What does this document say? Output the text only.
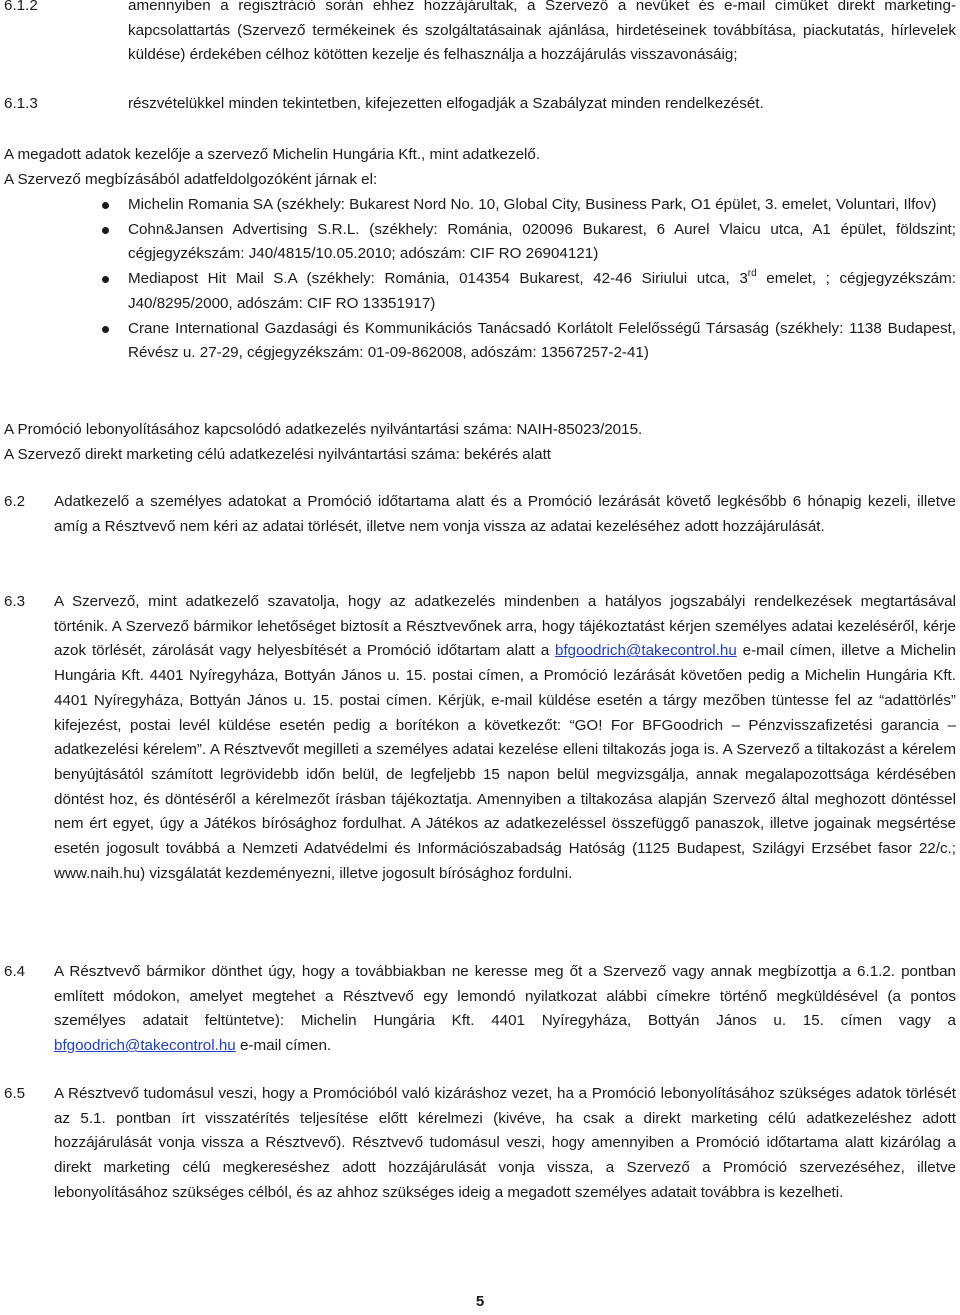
6.1.2	amennyiben a regisztráció során ehhez hozzájárultak, a Szervező a nevüket és e-mail címüket direkt marketing-kapcsolattartás (Szervező termékeinek és szolgáltatásainak ajánlása, hirdetéseinek továbbítása, piackutatás, hírlevelek küldése) érdekében célhoz kötötten kezelje és felhasználja a hozzájárulás visszavonásáig;
6.1.3	részvételükkel minden tekintetben, kifejezetten elfogadják a Szabályzat minden rendelkezését.
A megadott adatok kezelője a szervező Michelin Hungária Kft., mint adatkezelő.
A Szervező megbízásából adatfeldolgozóként járnak el:
Michelin Romania SA (székhely: Bukarest Nord No. 10, Global City, Business Park, O1 épület, 3. emelet, Voluntari, Ilfov)
Cohn&Jansen Advertising S.R.L. (székhely: Románia, 020096 Bukarest, 6 Aurel Vlaicu utca, A1 épület, földszint; cégjegyzékszám: J40/4815/10.05.2010; adószám: CIF RO 26904121)
Mediapost Hit Mail S.A (székhely: Románia, 014354 Bukarest, 42-46 Siriului utca, 3rd emelet, ; cégjegyzékszám: J40/8295/2000, adószám: CIF RO 13351917)
Crane International Gazdasági és Kommunikációs Tanácsadó Korlátolt Felelősségű Társaság (székhely: 1138 Budapest, Révész u. 27-29, cégjegyzékszám: 01-09-862008, adószám: 13567257-2-41)
A Promóció lebonyolításához kapcsolódó adatkezelés nyilvántartási száma: NAIH-85023/2015.
A Szervező direkt marketing célú adatkezelési nyilvántartási száma: bekérés alatt
6.2	Adatkezelő a személyes adatokat a Promóció időtartama alatt és a Promóció lezárását követő legkésőbb 6 hónapig kezeli, illetve amíg a Résztvevő nem kéri az adatai törlését, illetve nem vonja vissza az adatai kezeléséhez adott hozzájárulását.
6.3	A Szervező, mint adatkezelő szavatolja, hogy az adatkezelés mindenben a hatályos jogszabályi rendelkezések megtartásával történik. A Szervező bármikor lehetőséget biztosít a Résztvevőnek arra, hogy tájékoztatást kérjen személyes adatai kezeléséről, kérje azok törlését, zárolását vagy helyesbítését a Promóció időtartam alatt a bfgoodrich@takecontrol.hu e-mail címen, illetve a Michelin Hungária Kft. 4401 Nyíregyháza, Bottyán János u. 15. postai címen, a Promóció lezárását követően pedig a Michelin Hungária Kft. 4401 Nyíregyháza, Bottyán János u. 15. postai címen. Kérjük, e-mail küldése esetén a tárgy mezőben tüntesse fel az “adattörlés” kifejezést, postai levél küldése esetén pedig a borítékon a következőt: “GO! For BFGoodrich – Pénzvisszafizetési garancia – adatkezelési kérelem”. A Résztvevőt megilleti a személyes adatai kezelése elleni tiltakozás joga is. A Szervező a tiltakozást a kérelem benyújtásától számított legrövidebb időn belül, de legfeljebb 15 napon belül megvizsgálja, annak megalapozottsága kérdésében döntést hoz, és döntéséről a kérelmezőt írásban tájékoztatja. Amennyiben a tiltakozása alapján Szervező által meghozott döntéssel nem ért egyet, úgy a Játékos bírósághoz fordulhat. A Játékos az adatkezeléssel összefüggő panaszok, illetve jogainak megsértése esetén jogosult továbbá a Nemzeti Adatvédelmi és Információszabadság Hatóság (1125 Budapest, Szilágyi Erzsébet fasor 22/c.; www.naih.hu) vizsgálatát kezdeményezni, illetve jogosult bírósághoz fordulni.
6.4	A Résztvevő bármikor dönthet úgy, hogy a továbbiakban ne keresse meg őt a Szervező vagy annak megbízottja a 6.1.2. pontban említett módokon, amelyet megtehet a Résztvevő egy lemondó nyilatkozat alábbi címekre történő megküldésével (a pontos személyes adatait feltüntetve): Michelin Hungária Kft. 4401 Nyíregyháza, Bottyán János u. 15. címen vagy a bfgoodrich@takecontrol.hu e-mail címen.
6.5	A Résztvevő tudomásul veszi, hogy a Promócióból való kizáráshoz vezet, ha a Promóció lebonyolításához szükséges adatok törlését az 5.1. pontban írt visszatérítés teljesítése előtt kérelmezi (kivéve, ha csak a direkt marketing célú adatkezeléshez adott hozzájárulását vonja vissza a Résztvevő). Résztvevő tudomásul veszi, hogy amennyiben a Promóció időtartama alatt kizárólag a direkt marketing célú megkereséshez adott hozzájárulását vonja vissza, a Szervező a Promóció szervezéséhez, illetve lebonyolításához szükséges célból, és az ahhoz szükséges ideig a megadott személyes adatait továbbra is kezelheti.
5
